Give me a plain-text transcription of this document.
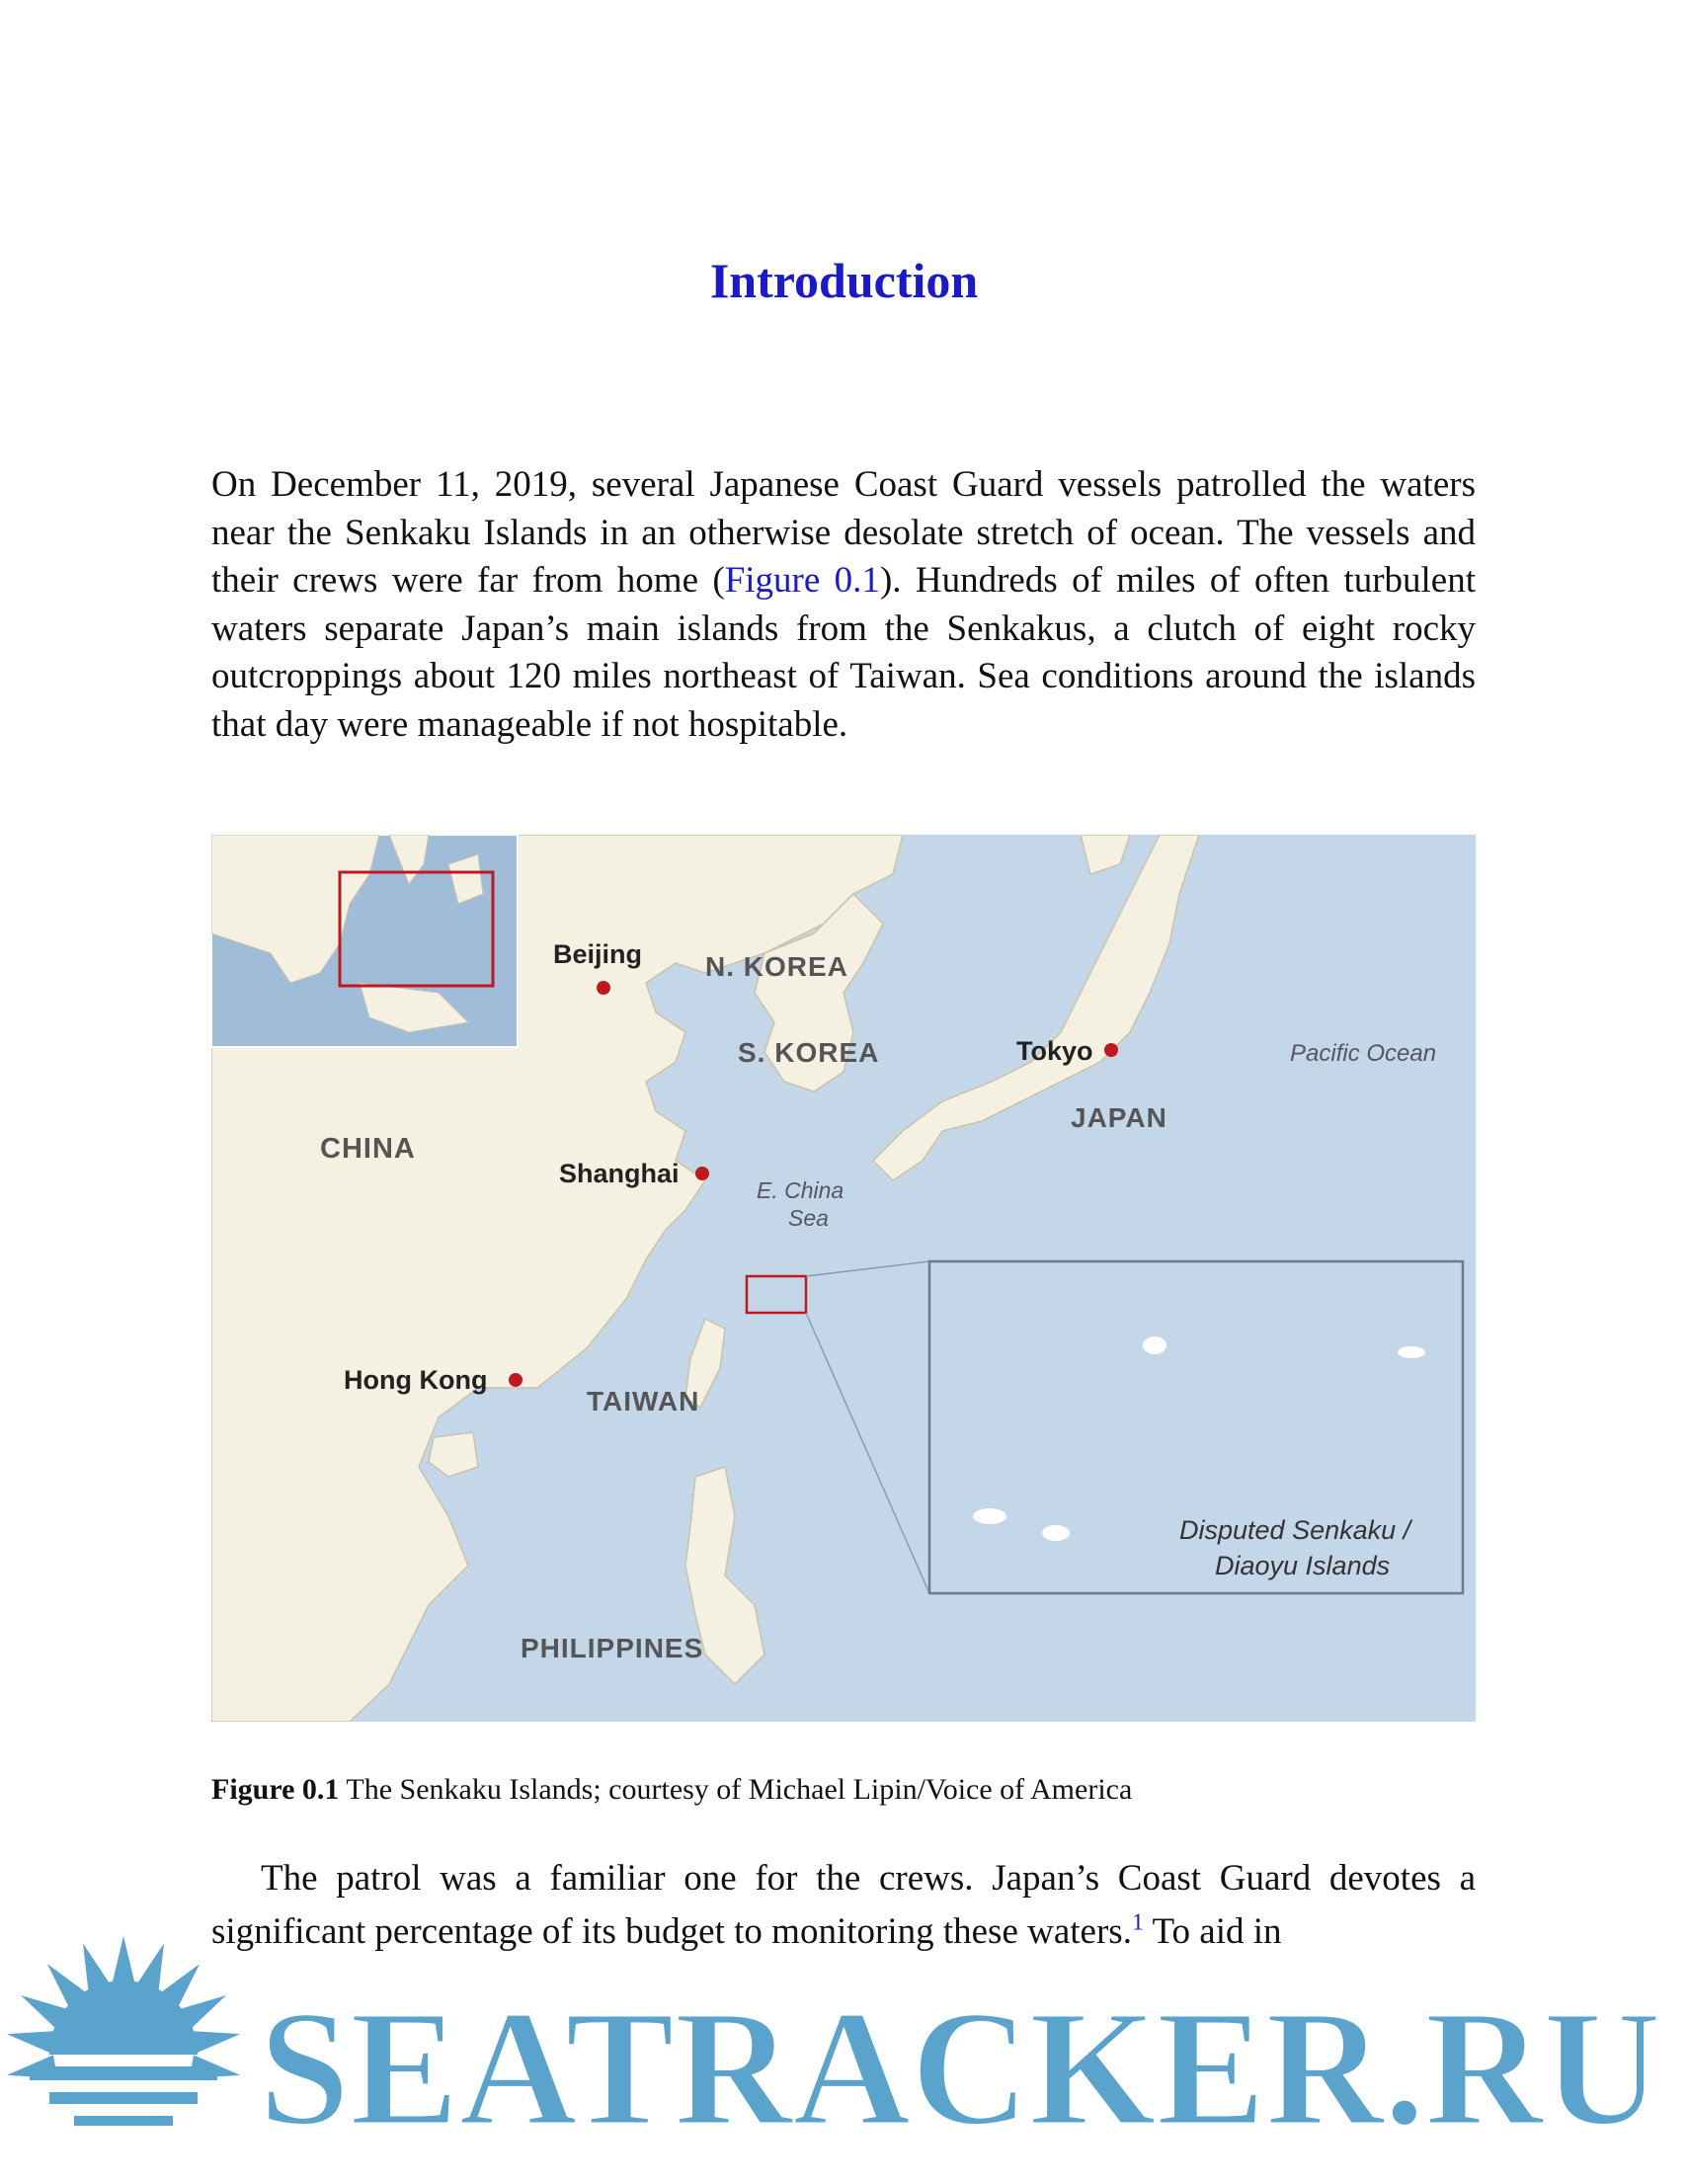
Introduction

On December 11, 2019, several Japanese Coast Guard vessels patrolled the waters near the Senkaku Islands in an otherwise desolate stretch of ocean. The vessels and their crews were far from home (Figure 0.1). Hundreds of miles of often turbulent waters separate Japan’s main islands from the Senkakus, a clutch of eight rocky outcroppings about 120 miles northeast of Taiwan. Sea conditions around the islands that day were manageable if not hospitable.

Beijing N. KOREA
S. KOREA	Tokyo
JAPAN
Pacific Ocean
CHINA
Shanghai
E. China
Sea
Hong Kong
TAIWAN
PHILIPPINES
Disputed Senkaku /
Diaoyu Islands

Figure 0.1 The Senkaku Islands; courtesy of Michael Lipin/Voice of America

The patrol was a familiar one for the crews. Japan’s Coast Guard devotes a significant percentage of its budget to monitoring these waters.$^1$ To aid in

SEATRACKER.RU
